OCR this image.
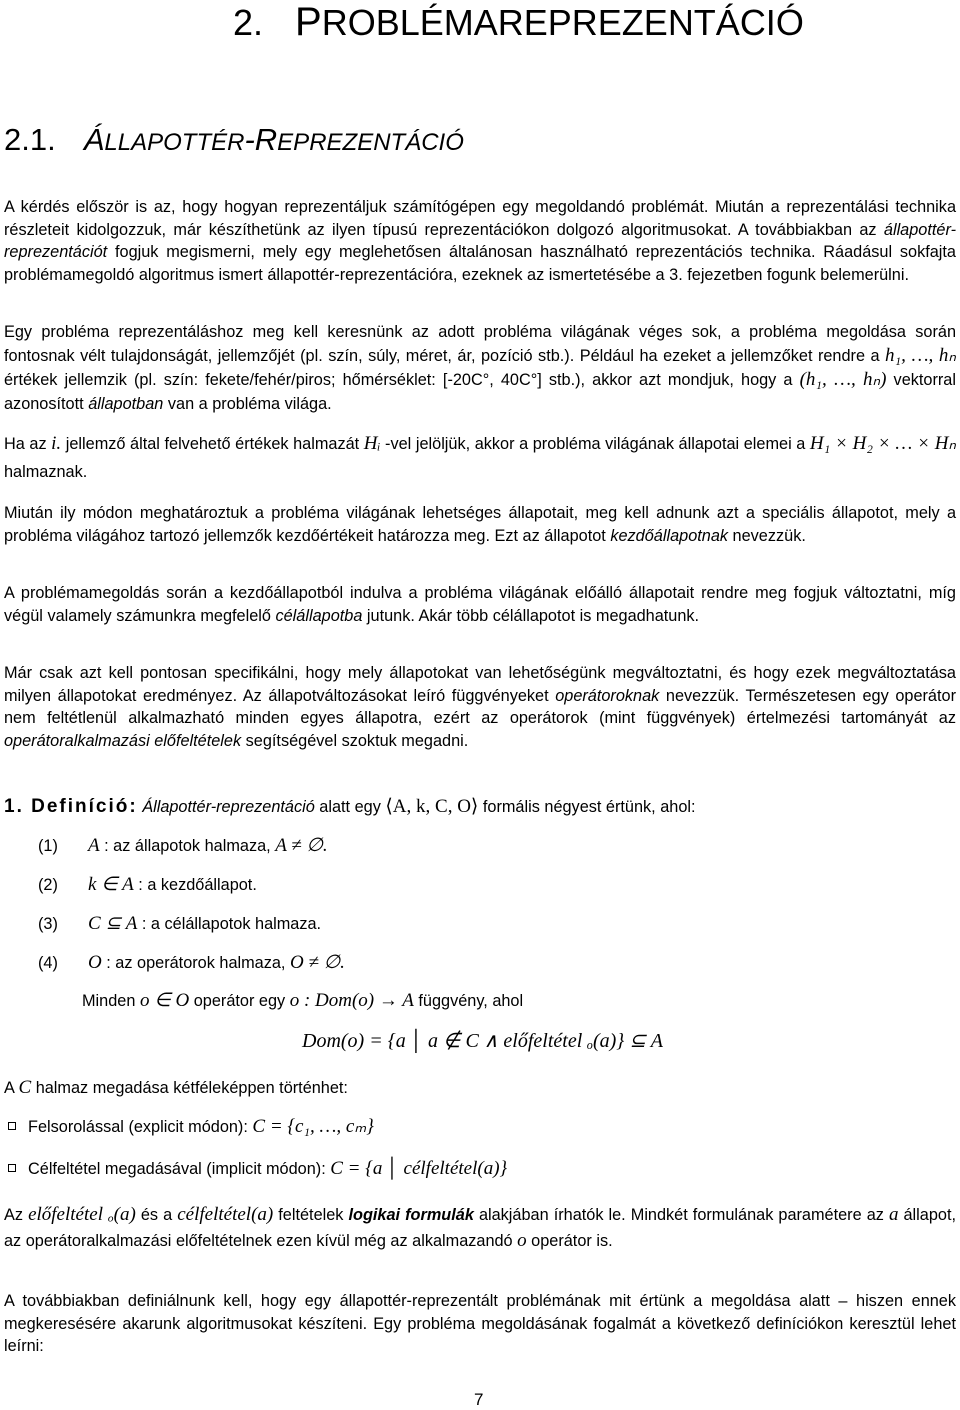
2. PROBLÉMAREPREZENTÁCIÓ
2.1. ÁLLAPOTTÉR-REPREZENTÁCIÓ

A kérdés először is az, hogy hogyan reprezentáljuk számítógépen egy megoldandó problémát. Miután a reprezentálási technika részleteit kidolgozzuk, már készíthetünk az ilyen típusú reprezentációkon dolgozó algoritmusokat. A továbbiakban az állapottér-reprezentációt fogjuk megismerni, mely egy meglehetősen általánosan használható reprezentációs technika. Ráadásul sokfajta problémamegoldó algoritmus ismert állapottér-reprezentációra, ezeknek az ismertetésébe a 3. fejezetben fogunk belemerülni.

Egy probléma reprezentáláshoz meg kell keresnünk az adott probléma világának véges sok, a probléma megoldása során fontosnak vélt tulajdonságát, jellemzőjét (pl. szín, súly, méret, ár, pozíció stb.). Például ha ezeket a jellemzőket rendre a h₁, …, hₙ értékek jellemzik (pl. szín: fekete/fehér/piros; hőmérséklet: [-20C°, 40C°] stb.), akkor azt mondjuk, hogy a (h₁, …, hₙ) vektorral azonosított állapotban van a probléma világa.

Ha az i. jellemző által felvehető értékek halmazát Hᵢ -vel jelöljük, akkor a probléma világának állapotai elemei a H₁ × H₂ × … × Hₙ halmaznak.

Miután ily módon meghatároztuk a probléma világának lehetséges állapotait, meg kell adnunk azt a speciális állapotot, mely a probléma világához tartozó jellemzők kezdőértékeit határozza meg. Ezt az állapotot kezdőállapotnak nevezzük.

A problémamegoldás során a kezdőállapotból indulva a probléma világának előálló állapotait rendre meg fogjuk változtatni, míg végül valamely számunkra megfelelő célállapotba jutunk. Akár több célállapotot is megadhatunk.

Már csak azt kell pontosan specifikálni, hogy mely állapotokat van lehetőségünk megváltoztatni, és hogy ezek megváltoztatása milyen állapotokat eredményez. Az állapotváltozásokat leíró függvényeket operátoroknak nevezzük. Természetesen egy operátor nem feltétlenül alkalmazható minden egyes állapotra, ezért az operátorok (mint függvények) értelmezési tartományát az operátoralkalmazási előfeltételek segítségével szoktuk megadni.

1. Definíció: Állapottér-reprezentáció alatt egy ⟨A, k, C, O⟩ formális négyest értünk, ahol:
(1) A : az állapotok halmaza, A ≠ ∅.
(2) k ∈ A : a kezdőállapot.
(3) C ⊆ A : a célállapotok halmaza.
(4) O : az operátorok halmaza, O ≠ ∅.
Minden o ∈ O operátor egy o : Dom(o) → A függvény, ahol
Dom(o) = {a │ a ∉ C ∧ előfeltétel ₒ(a)} ⊆ A
A C halmaz megadása kétféleképpen történhet:
Felsorolással (explicit módon): C = {c₁, …, cₘ}
Célfeltétel megadásával (implicit módon): C = {a │ célfeltétel(a)}

Az előfeltétel ₒ(a) és a célfeltétel(a) feltételek logikai formulák alakjában írhatók le. Mindkét formulának paramétere az a állapot, az operátoralkalmazási előfeltételnek ezen kívül még az alkalmazandó o operátor is.

A továbbiakban definiálnunk kell, hogy egy állapottér-reprezentált problémának mit értünk a megoldása alatt – hiszen ennek megkeresésére akarunk algoritmusokat készíteni. Egy probléma megoldásának fogalmát a következő definíciókon keresztül lehet leírni:

7
